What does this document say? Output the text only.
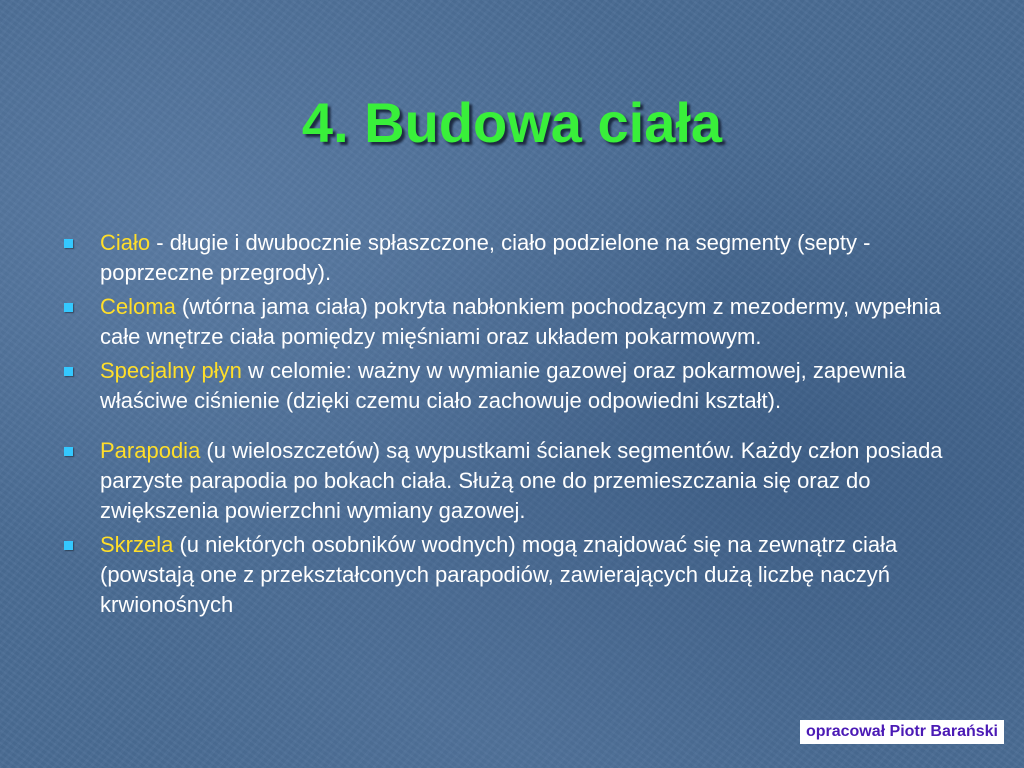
4. Budowa ciała
Ciało - długie i dwubocznie spłaszczone, ciało podzielone na segmenty (septy - poprzeczne przegrody).
Celoma (wtórna jama ciała) pokryta nabłonkiem pochodzącym z mezodermy, wypełnia całe wnętrze ciała pomiędzy mięśniami oraz układem pokarmowym.
Specjalny płyn w celomie: ważny w wymianie gazowej oraz pokarmowej, zapewnia właściwe ciśnienie (dzięki czemu ciało zachowuje odpowiedni kształt).
Parapodia (u wieloszczetów) są wypustkami ścianek segmentów. Każdy człon posiada parzyste parapodia po bokach ciała. Służą one do przemieszczania się oraz do zwiększenia powierzchni wymiany gazowej.
Skrzela (u niektórych osobników wodnych) mogą znajdować się na zewnątrz ciała (powstają one z przekształconych parapodiów, zawierających dużą liczbę naczyń krwionośnych
opracował Piotr Barański
